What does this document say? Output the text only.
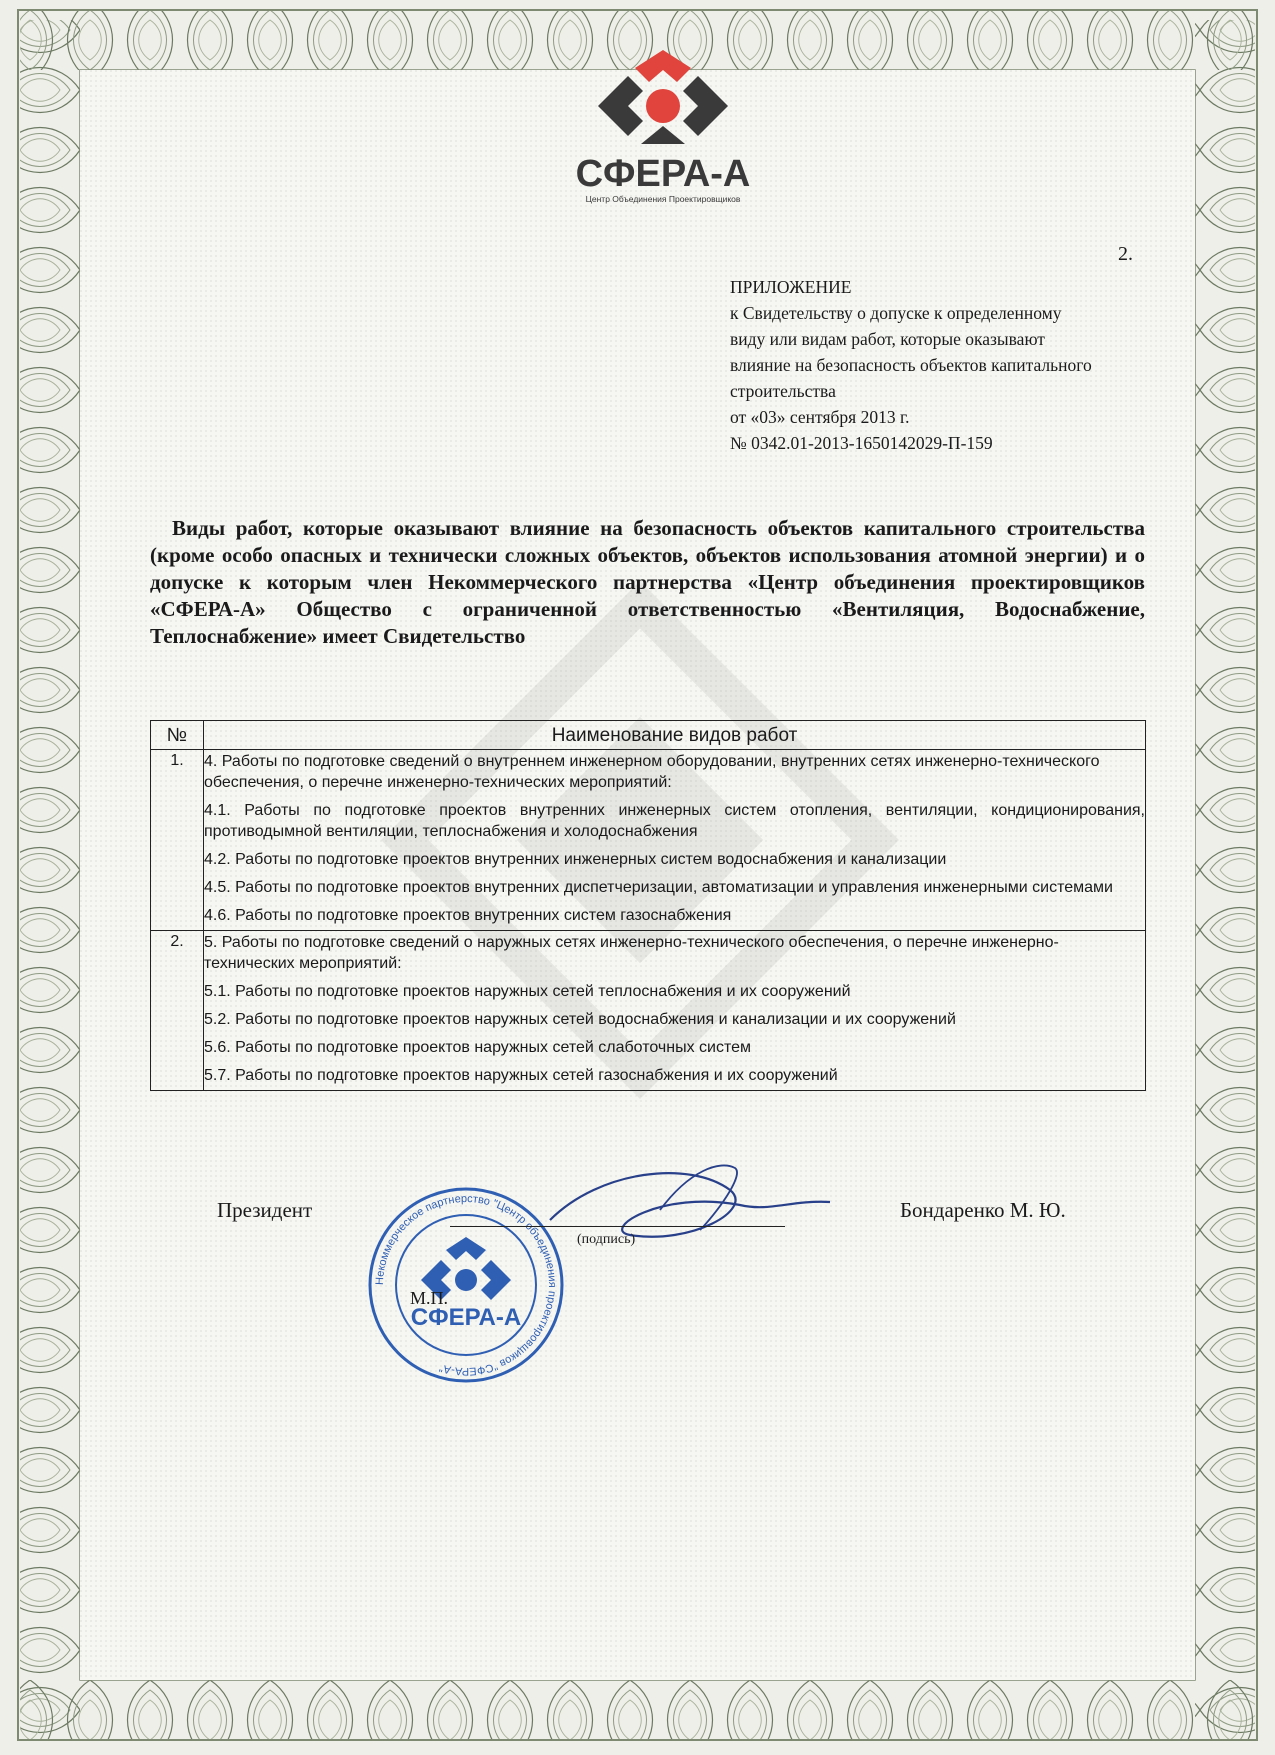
СФЕРА-А
Центр Объединения Проектировщиков
2.
ПРИЛОЖЕНИЕ
к Свидетельству о допуске к определенному
виду или видам работ, которые оказывают
влияние на безопасность объектов капитального
строительства
от «03» сентября 2013 г.
№ 0342.01-2013-1650142029-П-159
Виды работ, которые оказывают влияние на безопасность объектов капитального строительства (кроме особо опасных и технически сложных объектов, объектов использования атомной энергии) и о допуске к которым член Некоммерческого партнерства «Центр объединения проектировщиков «СФЕРА-А» Общество с ограниченной ответственностью «Вентиляция, Водоснабжение, Теплоснабжение» имеет Свидетельство
№	Наименование видов работ
1.	4. Работы по подготовке сведений о внутреннем инженерном оборудовании, внутренних сетях инженерно-технического обеспечения, о перечне инженерно-технических мероприятий:
4.1. Работы по подготовке проектов внутренних инженерных систем отопления, вентиляции, кондиционирования, противодымной вентиляции, теплоснабжения и холодоснабжения
4.2. Работы по подготовке проектов внутренних инженерных систем водоснабжения и канализации
4.5. Работы по подготовке проектов внутренних диспетчеризации, автоматизации и управления инженерными системами
4.6. Работы по подготовке проектов внутренних систем газоснабжения

2.	5. Работы по подготовке сведений о наружных сетях инженерно-технического обеспечения, о перечне инженерно-технических мероприятий:
5.1. Работы по подготовке проектов наружных сетей теплоснабжения и их сооружений
5.2. Работы по подготовке проектов наружных сетей водоснабжения и канализации и их сооружений
5.6. Работы по подготовке проектов наружных сетей слаботочных систем
5.7. Работы по подготовке проектов наружных сетей газоснабжения и их сооружений
Некоммерческое партнерство "Центр объединения проектировщиков "СФЕРА-А"
СФЕРА-А
Президент
(подпись)
М.П.
Бондаренко М. Ю.
